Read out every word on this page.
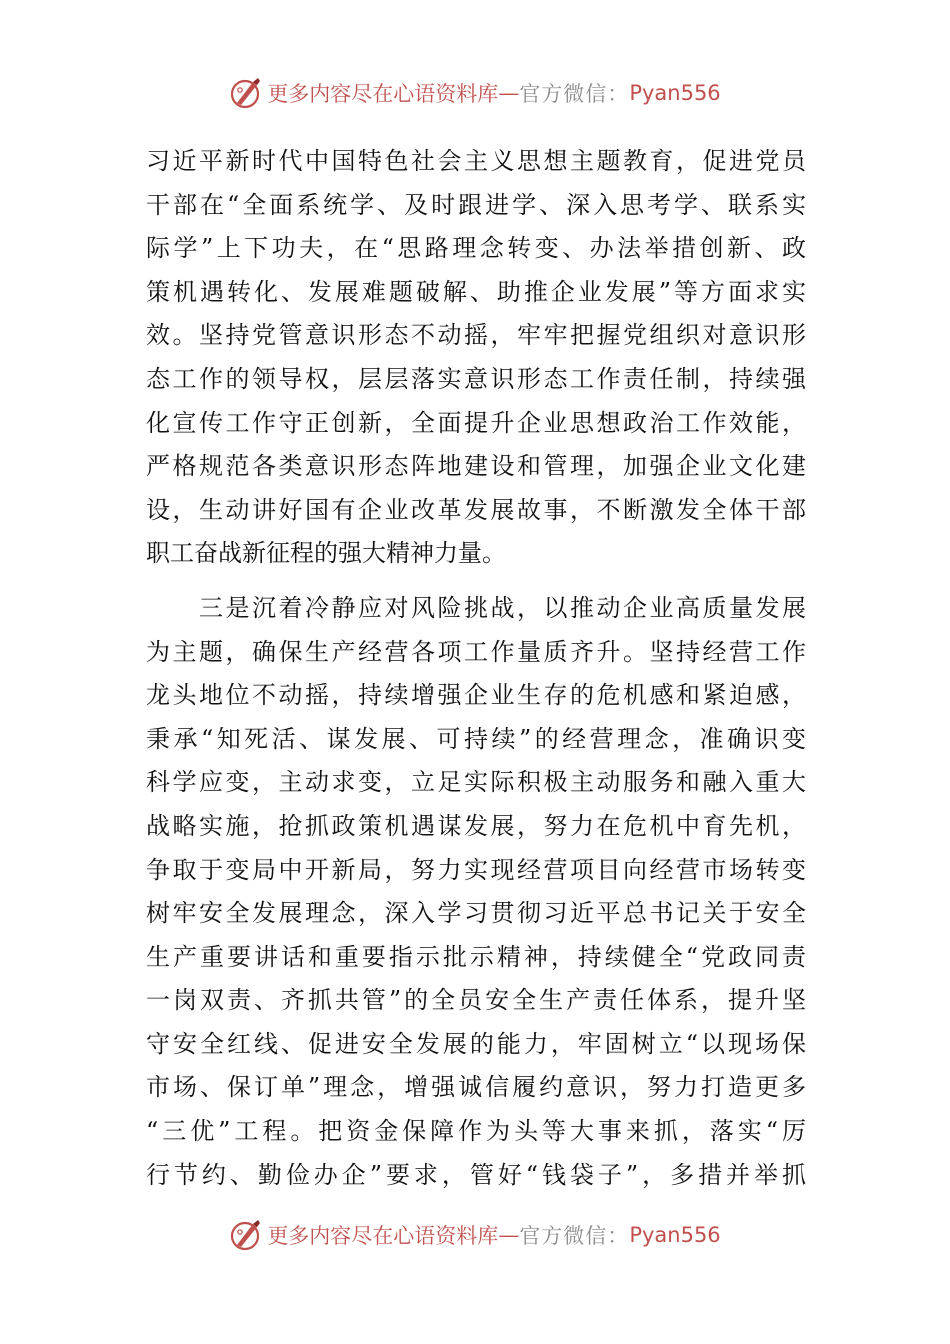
更多内容尽在心语资料库 — 官方微信： Pyan556
习近平新时代中国特色社会主义思想主题教育，促进党员
干部在“全面系统学、及时跟进学、深入思考学、联系实
际学”上下功夫，在“思路理念转变、办法举措创新、政
策机遇转化、发展难题破解、助推企业发展”等方面求实
效。坚持党管意识形态不动摇，牢牢把握党组织对意识形
态工作的领导权，层层落实意识形态工作责任制，持续强
化宣传工作守正创新，全面提升企业思想政治工作效能，
严格规范各类意识形态阵地建设和管理，加强企业文化建
设，生动讲好国有企业改革发展故事，不断激发全体干部
职工奋战新征程的强大精神力量。
　　三是沉着冷静应对风险挑战，以推动企业高质量发展
为主题，确保生产经营各项工作量质齐升。坚持经营工作
龙头地位不动摇，持续增强企业生存的危机感和紧迫感，
秉承“知死活、谋发展、可持续”的经营理念，准确识变
科学应变，主动求变，立足实际积极主动服务和融入重大
战略实施，抢抓政策机遇谋发展，努力在危机中育先机，
争取于变局中开新局，努力实现经营项目向经营市场转变
树牢安全发展理念，深入学习贯彻习近平总书记关于安全
生产重要讲话和重要指示批示精神，持续健全“党政同责
一岗双责、齐抓共管”的全员安全生产责任体系，提升坚
守安全红线、促进安全发展的能力，牢固树立“以现场保
市场、保订单”理念，增强诚信履约意识，努力打造更多
“三优”工程。把资金保障作为头等大事来抓，落实“厉
行节约、勤俭办企”要求，管好“钱袋子”，多措并举抓
更多内容尽在心语资料库 — 官方微信： Pyan556
